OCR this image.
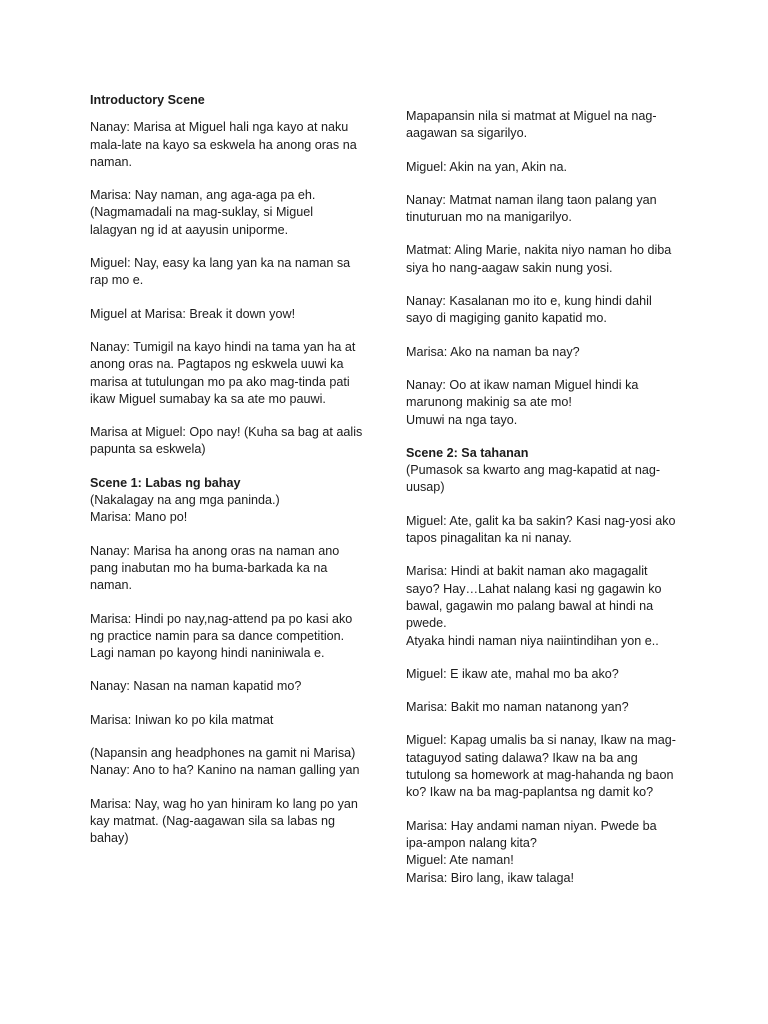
Introductory Scene
Nanay: Marisa at Miguel hali nga kayo at naku
mala-late na kayo sa eskwela ha anong oras na
naman.
Marisa: Nay naman, ang aga-aga pa eh.
(Nagmamadali na mag-suklay, si Miguel
lalagyan ng id at aayusin uniporme.
Miguel: Nay, easy ka lang yan ka na naman sa
rap mo e.
Miguel at Marisa: Break it down yow!
Nanay: Tumigil na kayo hindi na tama yan ha at
anong oras na. Pagtapos ng eskwela uuwi ka
marisa at tutulungan mo pa ako mag-tinda pati
ikaw Miguel sumabay ka sa ate mo pauwi.
Marisa at Miguel: Opo nay! (Kuha sa bag at aalis
papunta sa eskwela)
Scene 1: Labas ng bahay
(Nakalagay na ang mga paninda.)
Marisa: Mano po!
Nanay: Marisa ha anong oras na naman ano
pang inabutan mo ha buma-barkada ka na
naman.
Marisa: Hindi po nay,nag-attend pa po kasi ako
ng practice namin para sa dance competition.
Lagi naman po kayong hindi naniniwala e.
Nanay: Nasan na naman kapatid mo?
Marisa: Iniwan ko po kila matmat
(Napansin ang headphones na gamit ni Marisa)
Nanay: Ano to ha? Kanino na naman galling yan
Marisa: Nay, wag ho yan hiniram ko lang po yan
kay matmat. (Nag-aagawan sila sa labas ng
bahay)
Mapapansin nila si matmat at Miguel na nag-
aagawan sa sigarilyo.
Miguel: Akin na yan, Akin na.
Nanay: Matmat naman ilang taon palang yan
tinuturuan mo na manigarilyo.
Matmat: Aling Marie, nakita niyo naman ho diba
siya ho nang-aagaw sakin nung yosi.
Nanay: Kasalanan mo ito e, kung hindi dahil
sayo di magiging ganito kapatid mo.
Marisa: Ako na naman ba nay?
Nanay: Oo at ikaw naman Miguel hindi ka
marunong makinig sa ate mo!
Umuwi na nga tayo.
Scene 2: Sa tahanan
(Pumasok sa kwarto ang mag-kapatid at nag-
uusap)
Miguel: Ate, galit ka ba sakin? Kasi nag-yosi ako
tapos pinagalitan ka ni nanay.
Marisa: Hindi at bakit naman ako magagalit
sayo? Hay…Lahat nalang kasi ng gagawin ko
bawal, gagawin mo palang bawal at hindi na
pwede.
Atyaka hindi naman niya naiintindihan yon e..
Miguel: E ikaw ate, mahal mo ba ako?
Marisa: Bakit mo naman natanong yan?
Miguel: Kapag umalis ba si nanay, Ikaw na mag-
tataguyod sating dalawa? Ikaw na ba ang
tutulong sa homework at mag-hahanda ng baon
ko? Ikaw na ba mag-paplantsa ng damit ko?
Marisa: Hay andami naman niyan. Pwede ba
ipa-ampon nalang kita?
Miguel: Ate naman!
Marisa: Biro lang, ikaw talaga!
